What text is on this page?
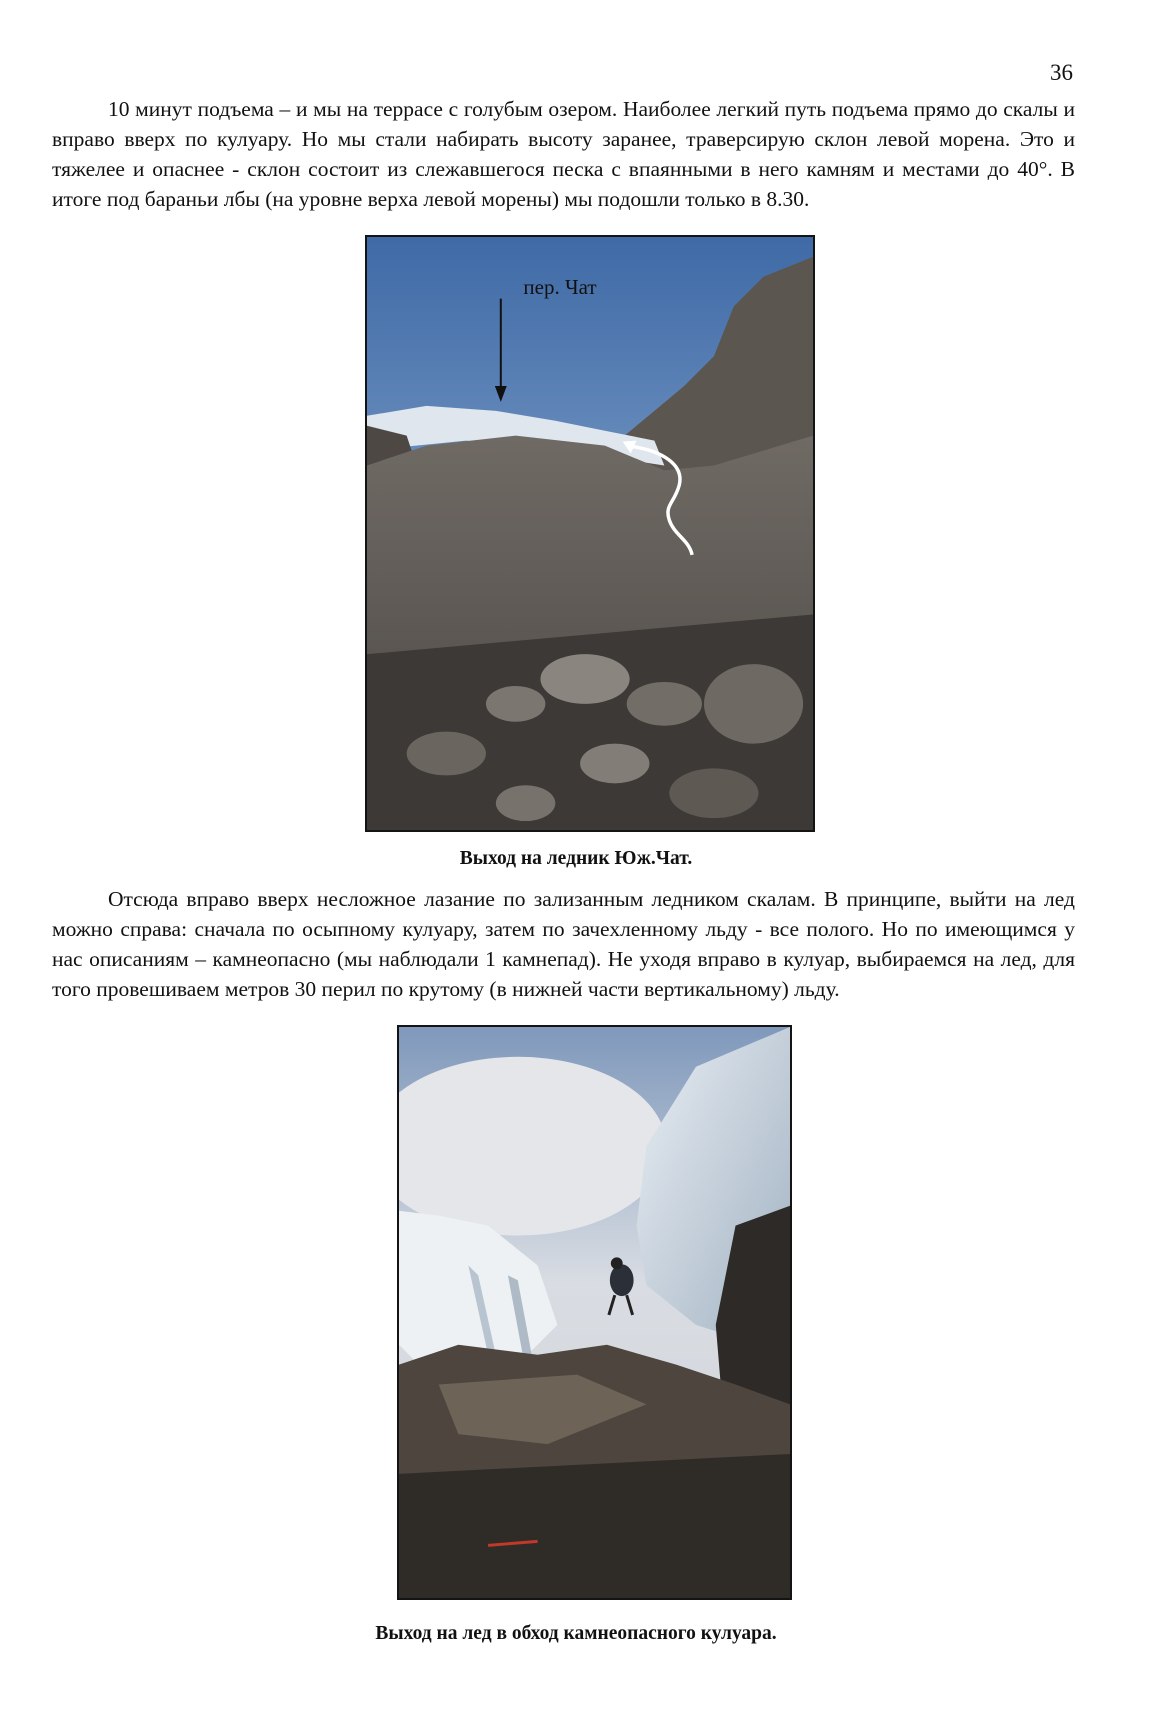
36

10 минут подъема – и мы на террасе с голубым озером. Наиболее легкий путь подъема прямо до скалы и вправо вверх по кулуару. Но мы стали набирать высоту заранее, траверсирую склон левой морена. Это и тяжелее и опаснее - склон состоит из слежавшегося песка с впаянными в него камням и местами до 40°. В итоге под бараньи лбы (на уровне верха левой морены) мы подошли только в 8.30.

пер. Чат
Выход на ледник Юж.Чат.

Отсюда вправо вверх несложное лазание по зализанным ледником скалам. В принципе, выйти на лед можно справа: сначала по осыпному кулуару, затем по зачехленному льду - все полого. Но по имеющимся у нас описаниям – камнеопасно (мы наблюдали 1 камнепад). Не уходя вправо в кулуар, выбираемся на лед, для того провешиваем метров 30 перил по крутому (в нижней части вертикальному) льду.

Выход на лед в обход камнеопасного кулуара.
